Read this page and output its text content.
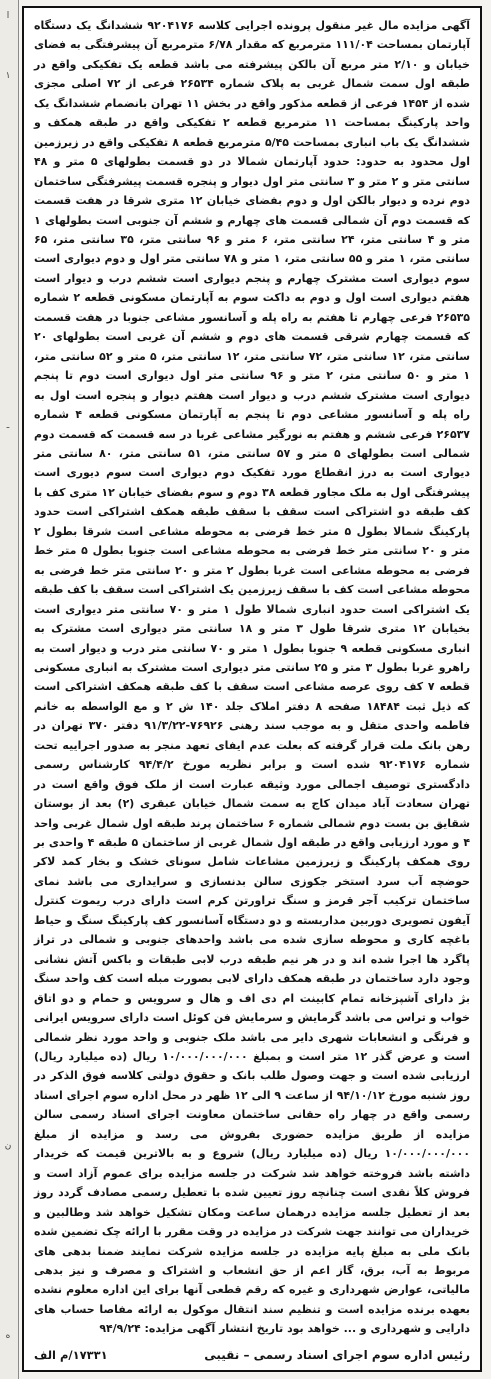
ا
۱
ـ
ن
ه

آگهی مزایده مال غیر منقول پرونده اجرایی کلاسه ۹۲۰۴۱۷۶ ششدانگ یک دستگاه آپارتمان بمساحت ۱۱۱/۰۴ مترمربع که مقدار ۶/۷۸ مترمربع آن پیشرفتگی به فضای خیابان و ۲/۱۰ متر مربع آن بالکن پیشرفته می باشد قطعه یک تفکیکی واقع در طبقه اول سمت شمال غربی به پلاک شماره ۲۶۵۳۴ فرعی از ۷۲ اصلی مجزی شده از ۱۴۵۴ فرعی از قطعه مذکور واقع در بخش ۱۱ تهران بانضمام ششدانگ یک واحد پارکینگ بمساحت ۱۱ مترمربع قطعه ۲ تفکیکی واقع در طبقه همکف و ششدانگ یک باب انباری بمساحت ۵/۴۵ مترمربع قطعه ۸ تفکیکی واقع در زیرزمین اول محدود به حدود: حدود آپارتمان شمالا در دو قسمت بطولهای ۵ متر و ۴۸ سانتی متر و ۲ متر و ۳ سانتی متر اول دیوار و پنجره قسمت پیشرفتگی ساختمان دوم نرده و دیوار بالکن اول و دوم بفضای خیابان ۱۲ متری شرقا در هفت قسمت که قسمت دوم آن شمالی قسمت های چهارم و ششم آن جنوبی است بطولهای ۱ متر و ۴ سانتی متر، ۲۴ سانتی متر، ۶ متر و ۹۶ سانتی متر، ۳۵ سانتی متر، ۶۵ سانتی متر، ۱ متر و ۵۵ سانتی متر، ۱ متر و ۷۸ سانتی متر اول و دوم دیواری است سوم دیواری است مشترک چهارم و پنجم دیواری است ششم درب و دیوار است هفتم دیواری است اول و دوم به داکت سوم به آپارتمان مسکونی قطعه ۲ شماره ۲۶۵۳۵ فرعی چهارم تا هفتم به راه پله و آسانسور مشاعی جنوبا در هفت قسمت که قسمت چهارم شرقی قسمت های دوم و ششم آن غربی است بطولهای ۲۰ سانتی متر، ۱۲ سانتی متر، ۷۲ سانتی متر، ۱۲ سانتی متر، ۵ متر و ۵۲ سانتی متر، ۱ متر و ۵۰ سانتی متر، ۲ متر و ۹۶ سانتی متر اول دیواری است دوم تا پنجم دیواری است مشترک ششم درب و دیوار است هفتم دیوار و پنجره است اول به راه پله و آسانسور مشاعی دوم تا پنجم به آپارتمان مسکونی قطعه ۴ شماره ۲۶۵۳۷ فرعی ششم و هفتم به نورگیر مشاعی غربا در سه قسمت که قسمت دوم شمالی است بطولهای ۵ متر و ۵۷ سانتی متر، ۵۱ سانتی متر، ۸۰ سانتی متر دیواری است به درز انقطاع مورد تفکیک دوم دیواری است سوم دیوری است پیشرفتگی اول به ملک مجاور قطعه ۳۸ دوم و سوم بفضای خیابان ۱۲ متری کف با کف طبقه دو اشتراکی است سقف با سقف طبقه همکف اشتراکی است حدود پارکینگ شمالا بطول ۵ متر خط فرضی به محوطه مشاعی است شرقا بطول ۲ متر و ۲۰ سانتی متر خط فرضی به محوطه مشاعی است جنوبا بطول ۵ متر خط فرضی به محوطه مشاعی است غربا بطول ۲ متر و ۲۰ سانتی متر خط فرضی به محوطه مشاعی است کف با سقف زیرزمین یک اشتراکی است سقف با کف طبقه یک اشتراکی است حدود انباری شمالا طول ۱ متر و ۷۰ سانتی متر دیواری است بخیابان ۱۲ متری شرقا طول ۳ متر و ۱۸ سانتی متر دیواری است مشترک به انباری مسکونی قطعه ۹ جنوبا بطول ۱ متر و ۷۰ سانتی متر درب و دیوار است به راهرو غربا بطول ۳ متر و ۲۵ سانتی متر دیواری است مشترک به انباری مسکونی قطعه ۷ کف روی عرصه مشاعی است سقف با کف طبقه همکف اشتراکی است که ذیل ثبت ۱۸۴۸۴ صفحه ۸ دفتر املاک جلد ۱۴۰ ش ۲ و مع الواسطه به خانم فاطمه واحدی متقل و به موجب سند رهنی ۷۶۹۲۶-۹۱/۳/۲۲ دفتر ۳۷۰ تهران در رهن بانک ملت قرار گرفته که بعلت عدم ایفای تعهد منجر به صدور اجراییه تحت شماره ۹۲۰۴۱۷۶ شده است و برابر نظریه مورخ ۹۴/۴/۲ کارشناس رسمی دادگستری توصیف اجمالی مورد وثیقه عبارت است از ملک فوق واقع است در تهران سعادت آباد میدان کاج به سمت شمال خیابان عبقری (۲) بعد از بوستان شقایق بن بست دوم شمالی شماره ۶ ساختمان پرند طبقه اول شمال غربی واحد ۴ و مورد ارزیابی واقع در طبقه اول شمال غربی از ساختمان ۵ طبقه ۴ واحدی بر روی همکف پارکینگ و زیرزمین مشاعات شامل سونای خشک و بخار کمد لاکر حوضچه آب سرد استخر جکوزی سالن بدنسازی و سرایداری می باشد نمای ساختمان ترکیب آجر قرمز و سنگ تراورتن کرم است دارای درب ریموت کنترل آیفون تصویری دوربین مداربسته و دو دستگاه آسانسور کف پارکینگ سنگ و حیاط باغچه کاری و محوطه سازی شده می باشد واحدهای جنوبی و شمالی در تراز پاگرد ها اجرا شده اند و در هر نیم طبقه درب لابی طبقات و باکس آتش نشانی وجود دارد ساختمان در طبقه همکف دارای لابی بصورت مبله است کف واحد سنگ بژ دارای آشپزخانه تمام کابینت ام دی اف و هال و سرویس و حمام و دو اتاق خواب و تراس می باشد گرمایش و سرمایش فن کوئل است دارای سرویس ایرانی و فرنگی و انشعابات شهری دایر می باشد ملک جنوبی و واحد مورد نظر شمالی است و عرض گذر ۱۲ متر است و بمبلغ ۱۰/۰۰۰/۰۰۰/۰۰۰ ریال (ده میلیارد ریال) ارزیابی شده است و جهت وصول طلب بانک و حقوق دولتی کلاسه فوق الذکر در روز شنبه مورخ ۹۴/۱۰/۱۲ از ساعت ۹ الی ۱۲ ظهر در محل اداره سوم اجرای اسناد رسمی واقع در چهار راه حقانی ساختمان معاونت اجرای اسناد رسمی سالن مزایده از طریق مزایده حضوری بفروش می رسد و مزایده از مبلغ ۱۰/۰۰۰/۰۰۰/۰۰۰ ریال (ده میلیارد ریال) شروع و به بالاترین قیمت که خریدار داشته باشد فروخته خواهد شد شرکت در جلسه مزایده برای عموم آزاد است و فروش کلاً نقدی است چنانچه روز تعیین شده با تعطیل رسمی مصادف گردد روز بعد از تعطیل جلسه مزایده درهمان ساعت ومکان تشکیل خواهد شد وطالبین و خریداران می توانند جهت شرکت در مزایده در وقت مقرر با ارائه چک تضمین شده بانک ملی به مبلغ پایه مزایده در جلسه مزایده شرکت نمایند ضمنا بدهی های مربوط به آب، برق، گاز اعم از حق انشعاب و اشتراک و مصرف و نیز بدهی مالیاتی، عوارض شهرداری و غیره که رقم قطعی آنها برای این اداره معلوم نشده بعهده برنده مزایده است و تنظیم سند انتقال موکول به ارائه مفاصا حساب های دارایی و شهرداری و ... خواهد بود تاریخ انتشار آگهی مزایده: ۹۴/۹/۲۴

رئیس اداره سوم اجرای اسناد رسمی – نقیبی
۱۷۳۳۱/م الف
